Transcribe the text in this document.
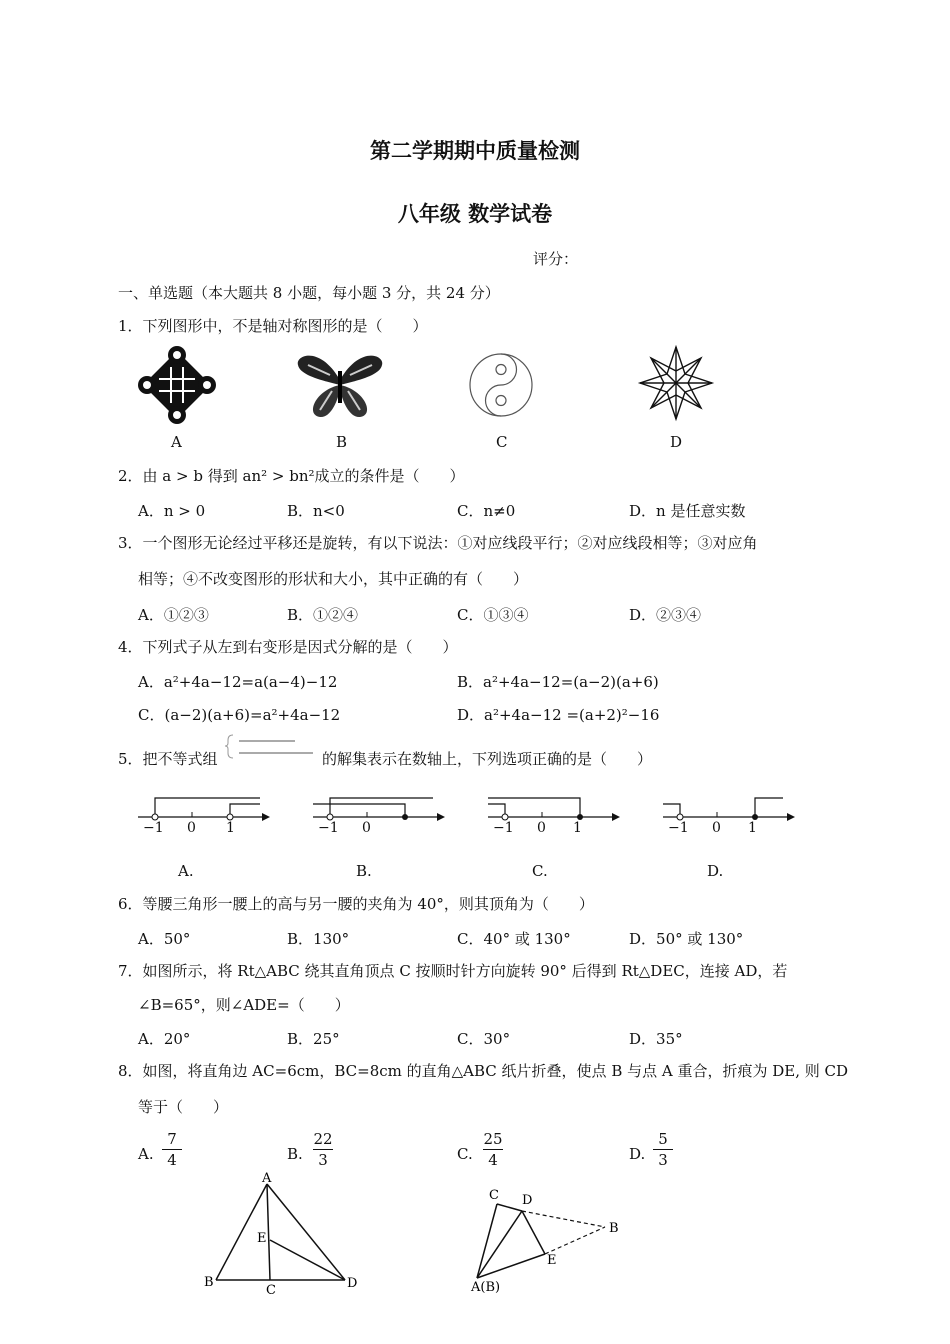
第二学期期中质量检测
八年级 数学试卷
评分：
一、单选题（本大题共 8 小题，每小题 3 分，共 24 分）
1．下列图形中，不是轴对称图形的是（　　）
A	B	C	D
2．由 a > b 得到 an² > bn²成立的条件是（　　）
A．n > 0	B．n<0	C．n≠0	D．n 是任意实数
3．一个图形无论经过平移还是旋转，有以下说法：①对应线段平行；②对应线段相等；③对应角
相等；④不改变图形的形状和大小，其中正确的有（　　）
A．①②③	B．①②④	C．①③④	D．②③④
4．下列式子从左到右变形是因式分解的是（　　）
A．a²+4a−12=a(a−4)−12	B．a²+4a−12=(a−2)(a+6)
C．(a−2)(a+6)=a²+4a−12	D．a²+4a−12 =(a+2)²−16
5．把不等式组	的解集表示在数轴上，下列选项正确的是（　　）
−1 0 1	−1 0	−1 0 1	−1 0 1
A.	B.	C.	D.
6．等腰三角形一腰上的高与另一腰的夹角为 40°，则其顶角为（　　）
A．50°	B．130°	C．40° 或 130°	D．50° 或 130°
7．如图所示，将 Rt△ABC 绕其直角顶点 C 按顺时针方向旋转 90° 后得到 Rt△DEC，连接 AD，若
∠B=65°，则∠ADE=（　　）
A．20°	B．25°	C．30°	D．35°
8．如图，将直角边 AC=6cm，BC=8cm 的直角△ABC 纸片折叠，使点 B 与点 A 重合，折痕为 DE, 则 CD
等于（　　）
A.
7
4	B.
22
3	C.
25
4	D.
5
3
A
B
C	D
E
C D
B
E
A(B)
